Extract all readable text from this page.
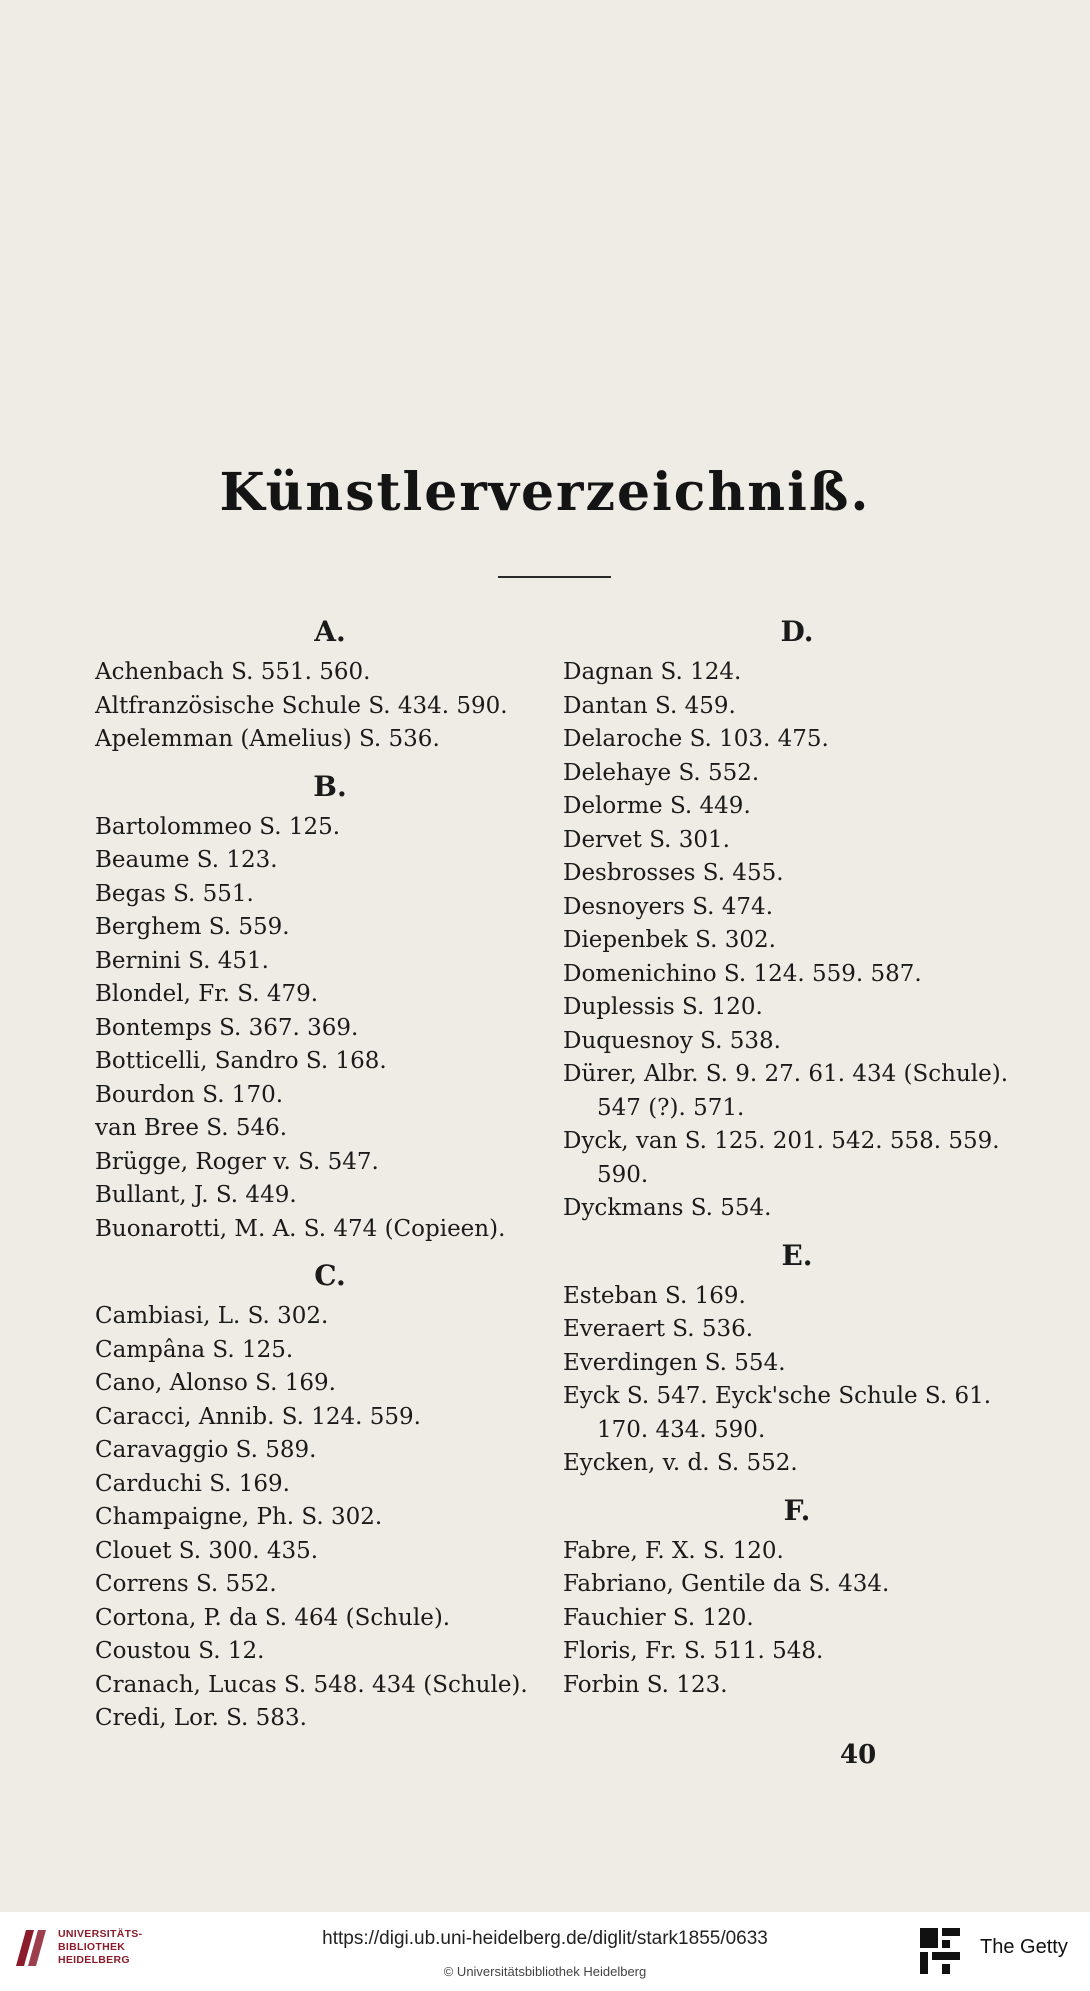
Künstlerverzeichniß.
A.
Achenbach S. 551. 560.
Altfranzösische Schule S. 434. 590.
Apelemman (Amelius) S. 536.
B.
Bartolommeo S. 125.
Beaume S. 123.
Begas S. 551.
Berghem S. 559.
Bernini S. 451.
Blondel, Fr. S. 479.
Bontemps S. 367. 369.
Botticelli, Sandro S. 168.
Bourdon S. 170.
van Bree S. 546.
Brügge, Roger v. S. 547.
Bullant, J. S. 449.
Buonarotti, M. A. S. 474 (Copieen).
C.
Cambiasi, L. S. 302.
Campâna S. 125.
Cano, Alonso S. 169.
Caracci, Annib. S. 124. 559.
Caravaggio S. 589.
Carduchi S. 169.
Champaigne, Ph. S. 302.
Clouet S. 300. 435.
Correns S. 552.
Cortona, P. da S. 464 (Schule).
Coustou S. 12.
Cranach, Lucas S. 548. 434 (Schule).
Credi, Lor. S. 583.
D.
Dagnan S. 124.
Dantan S. 459.
Delaroche S. 103. 475.
Delehaye S. 552.
Delorme S. 449.
Dervet S. 301.
Desbrosses S. 455.
Desnoyers S. 474.
Diepenbek S. 302.
Domenichino S. 124. 559. 587.
Duplessis S. 120.
Duquesnoy S. 538.
Dürer, Albr. S. 9. 27. 61. 434 (Schule). 547 (?). 571.
Dyck, van S. 125. 201. 542. 558. 559. 590.
Dyckmans S. 554.
E.
Esteban S. 169.
Everaert S. 536.
Everdingen S. 554.
Eyck S. 547. Eyck'sche Schule S. 61. 170. 434. 590.
Eycken, v. d. S. 552.
F.
Fabre, F. X. S. 120.
Fabriano, Gentile da S. 434.
Fauchier S. 120.
Floris, Fr. S. 511. 548.
Forbin S. 123.
40
UNIVERSITÄTS-
BIBLIOTHEK
HEIDELBERG
https://digi.ub.uni-heidelberg.de/diglit/stark1855/0633
© Universitätsbibliothek Heidelberg
The Getty
